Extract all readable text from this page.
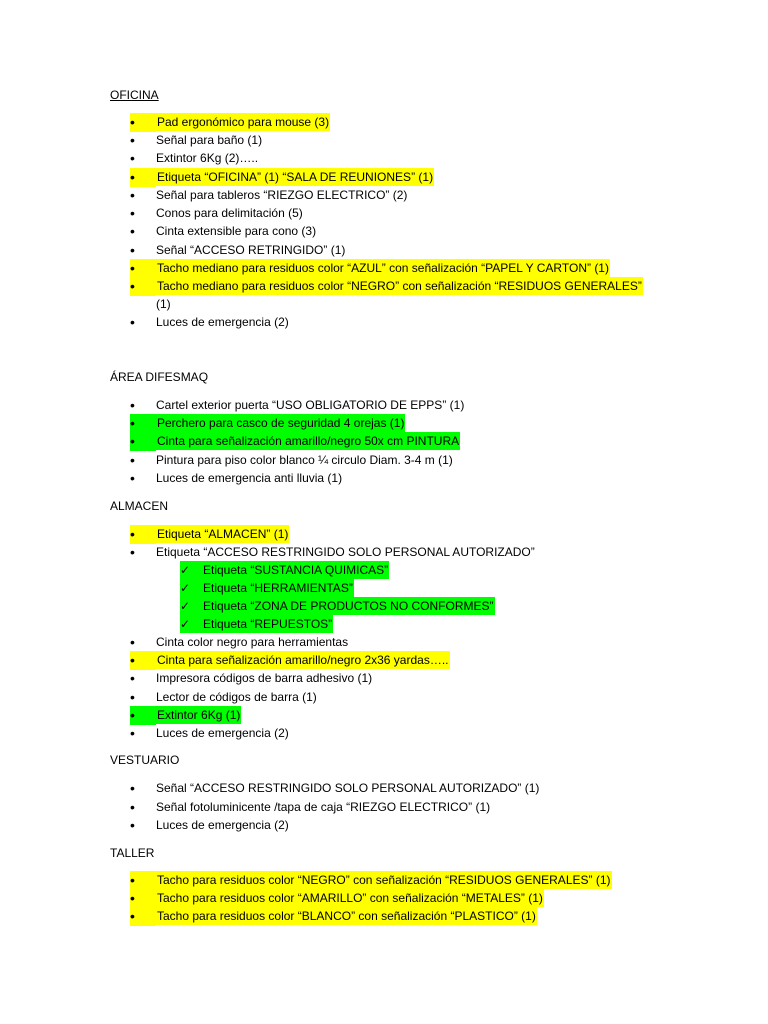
OFICINA
•
Pad ergonómico para mouse (3)
•
Señal para baño (1)
•
Extintor 6Kg (2)…..
•
Etiqueta “OFICINA” (1) “SALA DE REUNIONES” (1)
•
Señal para tableros “RIEZGO ELECTRICO” (2)
•
Conos para delimitación (5)
•
Cinta extensible para cono (3)
•
Señal “ACCESO RETRINGIDO” (1)
•
Tacho mediano para residuos color “AZUL” con señalización “PAPEL Y CARTON” (1)
•
Tacho mediano para residuos color “NEGRO” con señalización “RESIDUOS GENERALES”
(1)
•
Luces de emergencia (2)
ÁREA DIFESMAQ
•
Cartel exterior puerta “USO OBLIGATORIO DE EPPS” (1)
•
Perchero para casco de seguridad 4 orejas (1)
•
Cinta para señalización amarillo/negro 50x cm PINTURA
•
Pintura para piso color blanco ¼ circulo Diam. 3-4 m (1)
•
Luces de emergencia anti lluvia (1)
ALMACEN
•
Etiqueta “ALMACEN” (1)
•
Etiqueta “ACCESO RESTRINGIDO SOLO PERSONAL AUTORIZADO”
✓	Etiqueta “SUSTANCIA QUIMICAS”
✓	Etiqueta “HERRAMIENTAS”
✓	Etiqueta “ZONA DE PRODUCTOS NO CONFORMES”
✓	Etiqueta “REPUESTOS”
•
Cinta color negro para herramientas
•
Cinta para señalización amarillo/negro 2x36 yardas…..
•
Impresora códigos de barra adhesivo (1)
•
Lector de códigos de barra (1)
•
Extintor 6Kg (1)
•
Luces de emergencia (2)
VESTUARIO
•
Señal “ACCESO RESTRINGIDO SOLO PERSONAL AUTORIZADO” (1)
•
Señal fotoluminicente /tapa de caja “RIEZGO ELECTRICO” (1)
•
Luces de emergencia (2)
TALLER
•
Tacho para residuos color “NEGRO” con señalización “RESIDUOS GENERALES” (1)
•
Tacho para residuos color “AMARILLO” con señalización “METALES” (1)
•
Tacho para residuos color “BLANCO” con señalización “PLASTICO” (1)
